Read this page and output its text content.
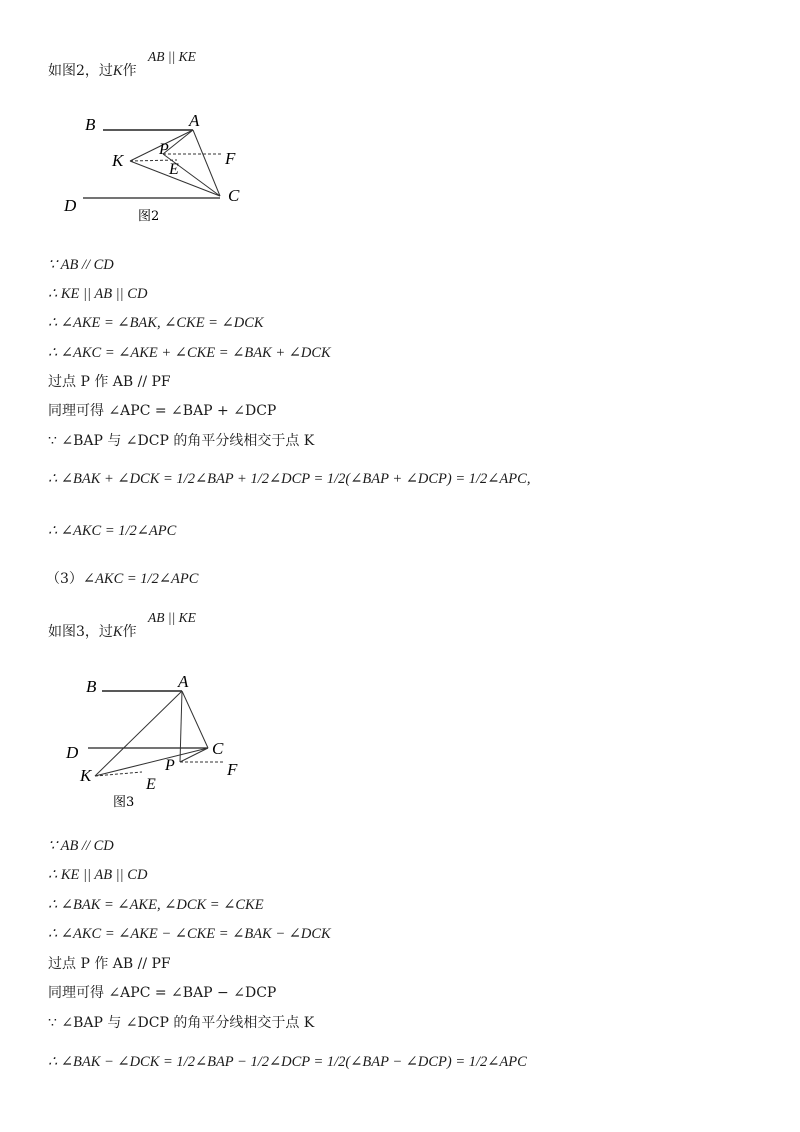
如图2，过K作
AB || KE
B	A
K
P
E
F
D
C
图2
∵ AB // CD
∴ KE || AB || CD
∴ ∠AKE = ∠BAK, ∠CKE = ∠DCK
∴ ∠AKC = ∠AKE + ∠CKE = ∠BAK + ∠DCK
过点 P 作 AB // PF
同理可得 ∠APC = ∠BAP + ∠DCP
∵ ∠BAP 与 ∠DCP 的角平分线相交于点 K
∴ ∠BAK + ∠DCK = 1/2∠BAP + 1/2∠DCP = 1/2(∠BAP + ∠DCP) = 1/2∠APC,
∴ ∠AKC = 1/2∠APC
（3）∠AKC = 1/2∠APC
如图3，过K作
AB || KE
B	A
D	C
K
P	F
E
图3
∵ AB // CD
∴ KE || AB || CD
∴ ∠BAK = ∠AKE, ∠DCK = ∠CKE
∴ ∠AKC = ∠AKE − ∠CKE = ∠BAK − ∠DCK
过点 P 作 AB // PF
同理可得 ∠APC = ∠BAP − ∠DCP
∵ ∠BAP 与 ∠DCP 的角平分线相交于点 K
∴ ∠BAK − ∠DCK = 1/2∠BAP − 1/2∠DCP = 1/2(∠BAP − ∠DCP) = 1/2∠APC
